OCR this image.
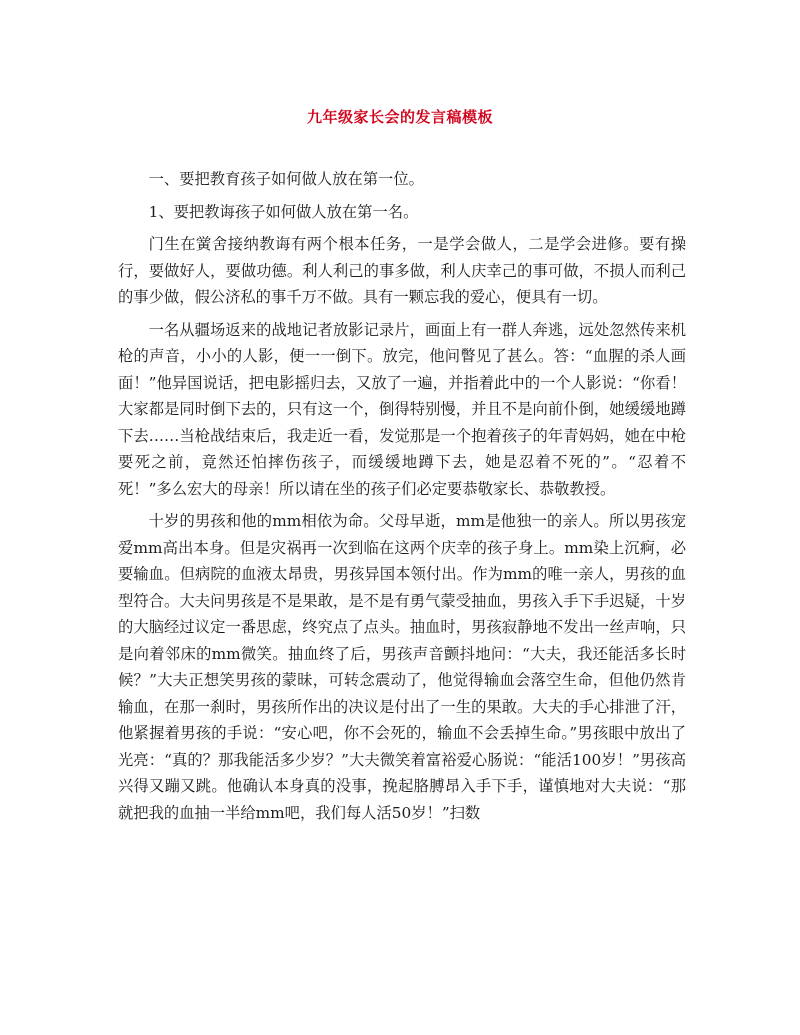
九年级家长会的发言稿模板

一、要把教育孩子如何做人放在第一位。

1、要把教诲孩子如何做人放在第一名。

门生在黉舍接纳教诲有两个根本任务，一是学会做人，二是学会进修。要有操行，要做好人，要做功德。利人利己的事多做，利人庆幸己的事可做，不损人而利己的事少做，假公济私的事千万不做。具有一颗忘我的爱心，便具有一切。

一名从疆场返来的战地记者放影记录片，画面上有一群人奔逃，远处忽然传来机枪的声音，小小的人影，便一一倒下。放完，他问瞥见了甚么。答：“血腥的杀人画面！”他异国说话，把电影摇归去，又放了一遍，并指着此中的一个人影说：“你看！大家都是同时倒下去的，只有这一个，倒得特别慢，并且不是向前仆倒，她缓缓地蹲下去……当枪战结束后，我走近一看，发觉那是一个抱着孩子的年青妈妈，她在中枪要死之前，竟然还怕摔伤孩子，而缓缓地蹲下去，她是忍着不死的”。“忍着不死！”多么宏大的母亲！所以请在坐的孩子们必定要恭敬家长、恭敬教授。

十岁的男孩和他的mm相依为命。父母早逝，mm是他独一的亲人。所以男孩宠爱mm高出本身。但是灾祸再一次到临在这两个庆幸的孩子身上。mm染上沉痾，必要输血。但病院的血液太昂贵，男孩异国本领付出。作为mm的唯一亲人，男孩的血型符合。大夫问男孩是不是果敢，是不是有勇气蒙受抽血，男孩入手下手迟疑，十岁的大脑经过议定一番思虑，终究点了点头。抽血时，男孩寂静地不发出一丝声响，只是向着邻床的mm微笑。抽血终了后，男孩声音颤抖地问：“大夫，我还能活多长时候？”大夫正想笑男孩的蒙昧，可转念震动了，他觉得输血会落空生命，但他仍然肯输血，在那一刹时，男孩所作出的决议是付出了一生的果敢。大夫的手心排泄了汗，他紧握着男孩的手说：“安心吧，你不会死的，输血不会丢掉生命。”男孩眼中放出了光亮：“真的？那我能活多少岁？”大夫微笑着富裕爱心肠说：“能活100岁！”男孩高兴得又蹦又跳。他确认本身真的没事，挽起胳膊昂入手下手，谨慎地对大夫说：“那就把我的血抽一半给mm吧，我们每人活50岁！”扫数
